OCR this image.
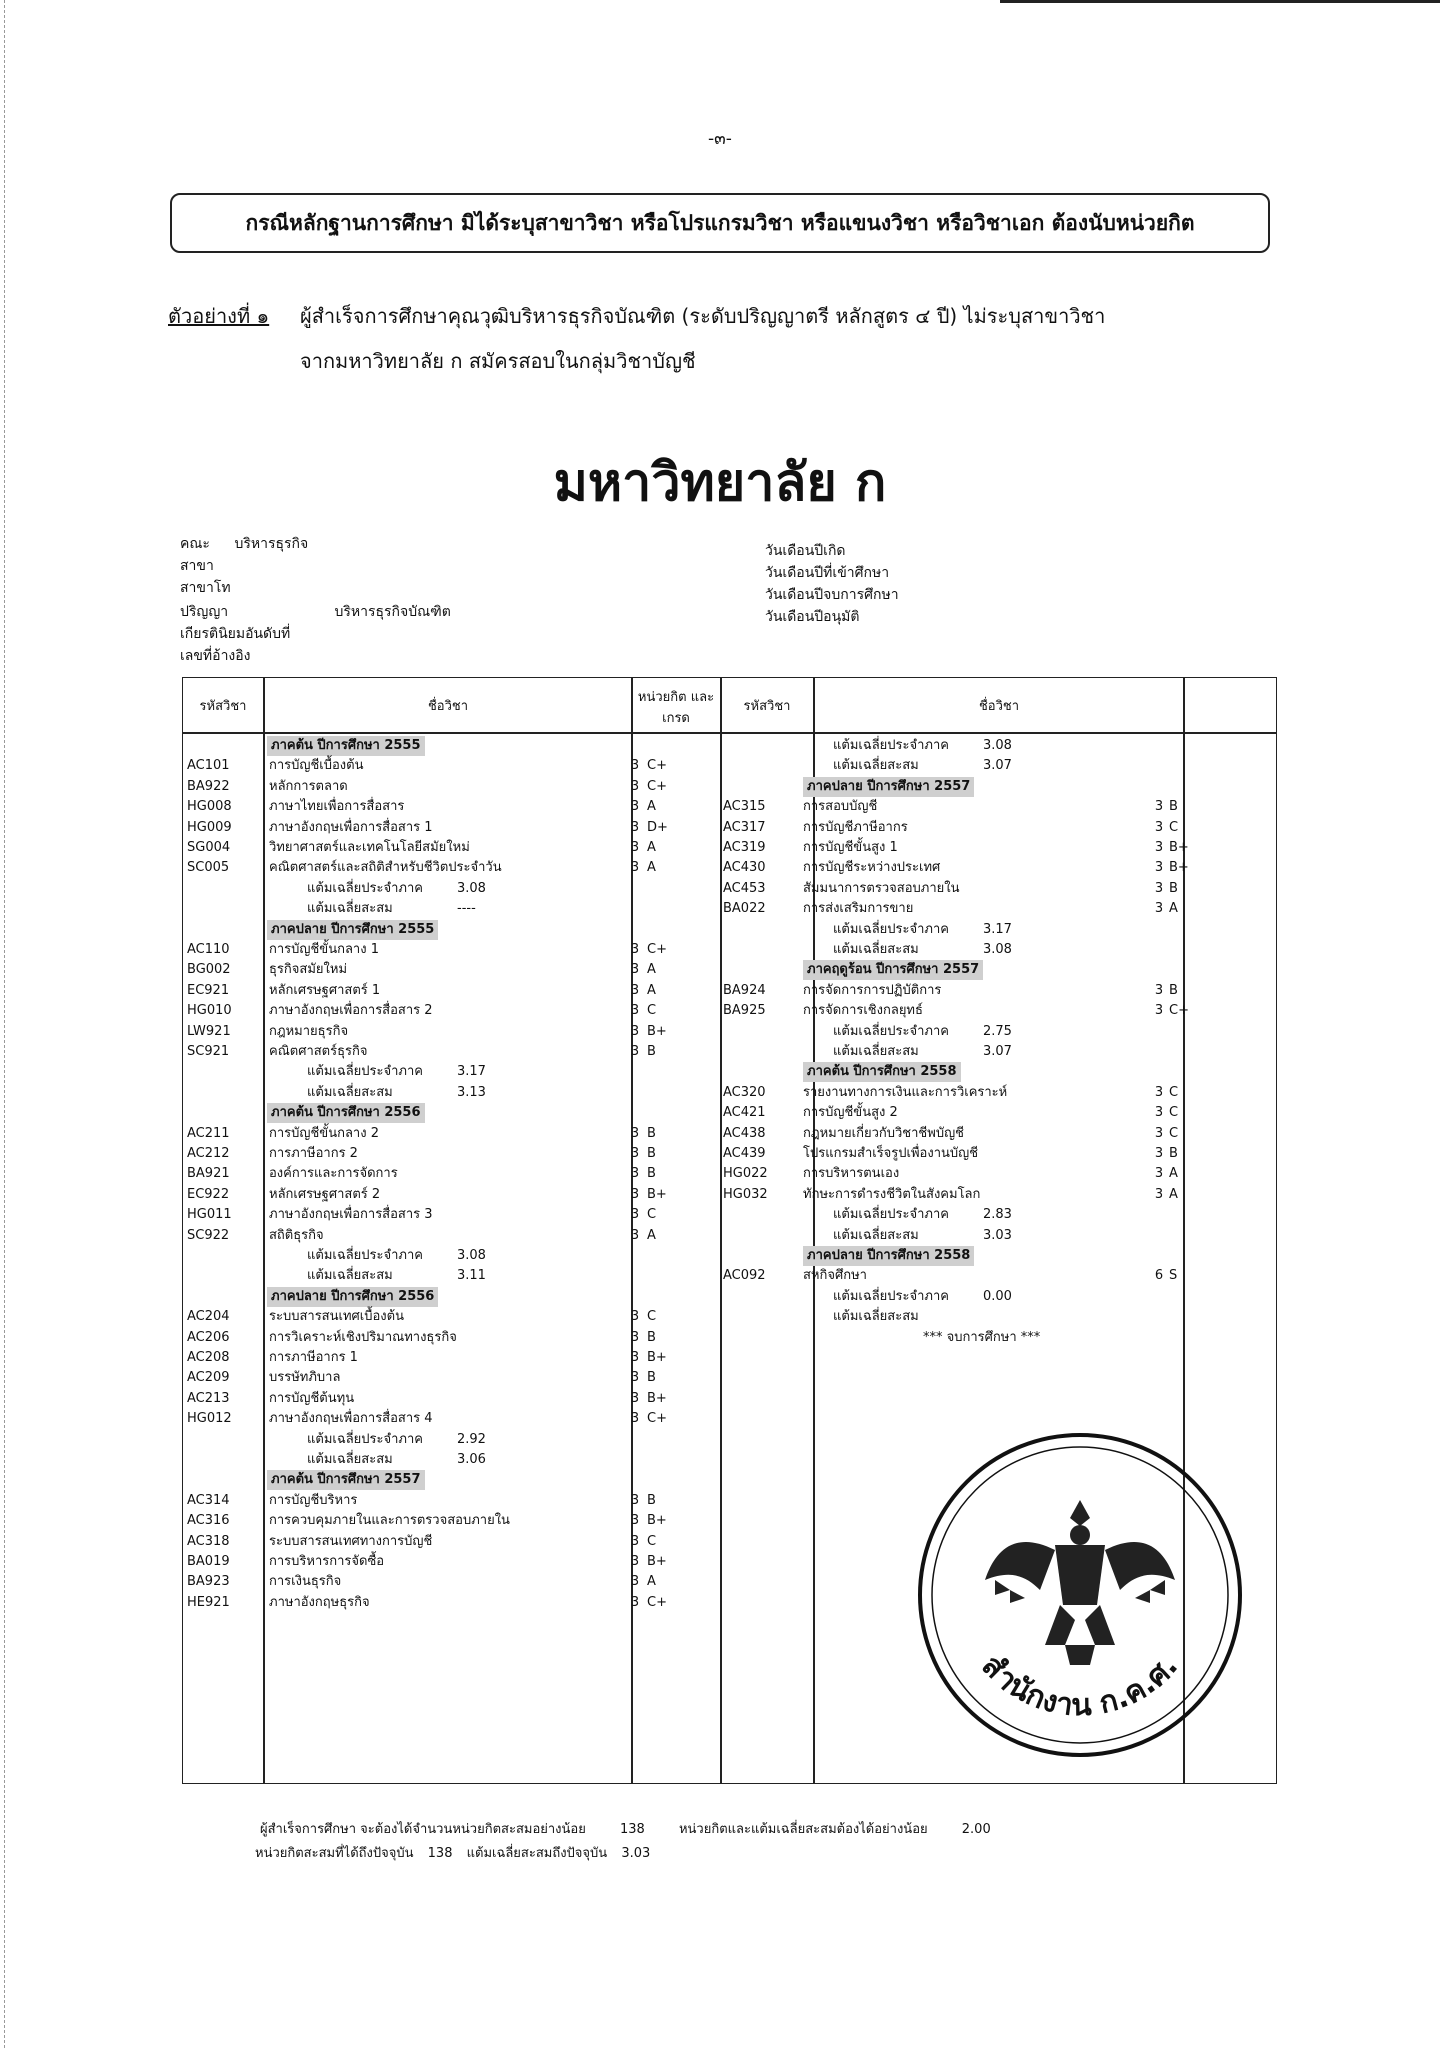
-๓-
กรณีหลักฐานการศึกษา มิได้ระบุสาขาวิชา หรือโปรแกรมวิชา หรือแขนงวิชา หรือวิชาเอก ต้องนับหน่วยกิต
ตัวอย่างที่ ๑ ผู้สำเร็จการศึกษาคุณวุฒิบริหารธุรกิจบัณฑิต (ระดับปริญญาตรี หลักสูตร ๔ ปี) ไม่ระบุสาขาวิชา
จากมหาวิทยาลัย ก สมัครสอบในกลุ่มวิชาบัญชี
มหาวิทยาลัย ก
คณะ บริหารธุรกิจ
สาขา
สาขาโท
ปริญญา	บริหารธุรกิจบัณฑิต
เกียรตินิยมอันดับที่
เลขที่อ้างอิง
วันเดือนปีเกิด
วันเดือนปีที่เข้าศึกษา
วันเดือนปีจบการศึกษา
วันเดือนปีอนุมัติ
รหัสวิชา	ชื่อวิชา
หน่วยกิต และเกรด
รหัสวิชา	ชื่อวิชา
ภาคต้น ปีการศึกษา 2555
AC101	การบัญชีเบื้องต้น	3 C+
BA922	หลักการตลาด	3 C+
HG008	ภาษาไทยเพื่อการสื่อสาร	3 A
HG009	ภาษาอังกฤษเพื่อการสื่อสาร 1	3 D+
SG004	วิทยาศาสตร์และเทคโนโลยีสมัยใหม่	3 A
SC005	คณิตศาสตร์และสถิติสำหรับชีวิตประจำวัน	3 A
แต้มเฉลี่ยประจำภาค	3.08
แต้มเฉลี่ยสะสม	----
ภาคปลาย ปีการศึกษา 2555
AC110	การบัญชีขั้นกลาง 1	3 C+
BG002	ธุรกิจสมัยใหม่	3 A
EC921	หลักเศรษฐศาสตร์ 1	3 A
HG010	ภาษาอังกฤษเพื่อการสื่อสาร 2	3 C
LW921	กฎหมายธุรกิจ	3 B+
SC921	คณิตศาสตร์ธุรกิจ	3 B
แต้มเฉลี่ยประจำภาค	3.17
แต้มเฉลี่ยสะสม	3.13
ภาคต้น ปีการศึกษา 2556
AC211	การบัญชีขั้นกลาง 2	3 B
AC212	การภาษีอากร 2	3 B
BA921	องค์การและการจัดการ	3 B
EC922	หลักเศรษฐศาสตร์ 2	3 B+
HG011	ภาษาอังกฤษเพื่อการสื่อสาร 3	3 C
SC922	สถิติธุรกิจ	3 A
แต้มเฉลี่ยประจำภาค	3.08
แต้มเฉลี่ยสะสม	3.11
ภาคปลาย ปีการศึกษา 2556
AC204	ระบบสารสนเทศเบื้องต้น	3 C
AC206	การวิเคราะห์เชิงปริมาณทางธุรกิจ	3 B
AC208	การภาษีอากร 1	3 B+
AC209	บรรษัทภิบาล	3 B
AC213	การบัญชีต้นทุน	3 B+
HG012	ภาษาอังกฤษเพื่อการสื่อสาร 4	3 C+
แต้มเฉลี่ยประจำภาค	2.92
แต้มเฉลี่ยสะสม	3.06
ภาคต้น ปีการศึกษา 2557
AC314	การบัญชีบริหาร	3 B
AC316	การควบคุมภายในและการตรวจสอบภายใน	3 B+
AC318	ระบบสารสนเทศทางการบัญชี	3 C
BA019	การบริหารการจัดซื้อ	3 B+
BA923	การเงินธุรกิจ	3 A
HE921	ภาษาอังกฤษธุรกิจ	3 C+
แต้มเฉลี่ยประจำภาค	3.08
แต้มเฉลี่ยสะสม	3.07
ภาคปลาย ปีการศึกษา 2557
AC315	การสอบบัญชี	3 B
AC317	การบัญชีภาษีอากร	3 C
AC319	การบัญชีขั้นสูง 1	3 B+
AC430	การบัญชีระหว่างประเทศ	3 B+
AC453	สัมมนาการตรวจสอบภายใน	3 B
BA022	การส่งเสริมการขาย	3 A
แต้มเฉลี่ยประจำภาค	3.17
แต้มเฉลี่ยสะสม	3.08
ภาคฤดูร้อน ปีการศึกษา 2557
BA924	การจัดการการปฏิบัติการ	3 B
BA925	การจัดการเชิงกลยุทธ์	3 C+
แต้มเฉลี่ยประจำภาค	2.75
แต้มเฉลี่ยสะสม	3.07
ภาคต้น ปีการศึกษา 2558
AC320	รายงานทางการเงินและการวิเคราะห์	3 C
AC421	การบัญชีขั้นสูง 2	3 C
AC438	กฎหมายเกี่ยวกับวิชาชีพบัญชี	3 C
AC439	โปรแกรมสำเร็จรูปเพื่องานบัญชี	3 B
HG022	การบริหารตนเอง	3 A
HG032	ทักษะการดำรงชีวิตในสังคมโลก	3 A
แต้มเฉลี่ยประจำภาค	2.83
แต้มเฉลี่ยสะสม	3.03
ภาคปลาย ปีการศึกษา 2558
AC092	สหกิจศึกษา	6 S
แต้มเฉลี่ยประจำภาค	0.00
แต้มเฉลี่ยสะสม
*** จบการศึกษา ***
ผู้สำเร็จการศึกษา จะต้องได้จำนวนหน่วยกิตสะสมอย่างน้อย	138	หน่วยกิตและแต้มเฉลี่ยสะสมต้องได้อย่างน้อย	2.00
หน่วยกิตสะสมที่ได้ถึงปัจจุบัน 138 แต้มเฉลี่ยสะสมถึงปัจจุบัน 3.03
สำนักงาน ก.ค.ศ.
